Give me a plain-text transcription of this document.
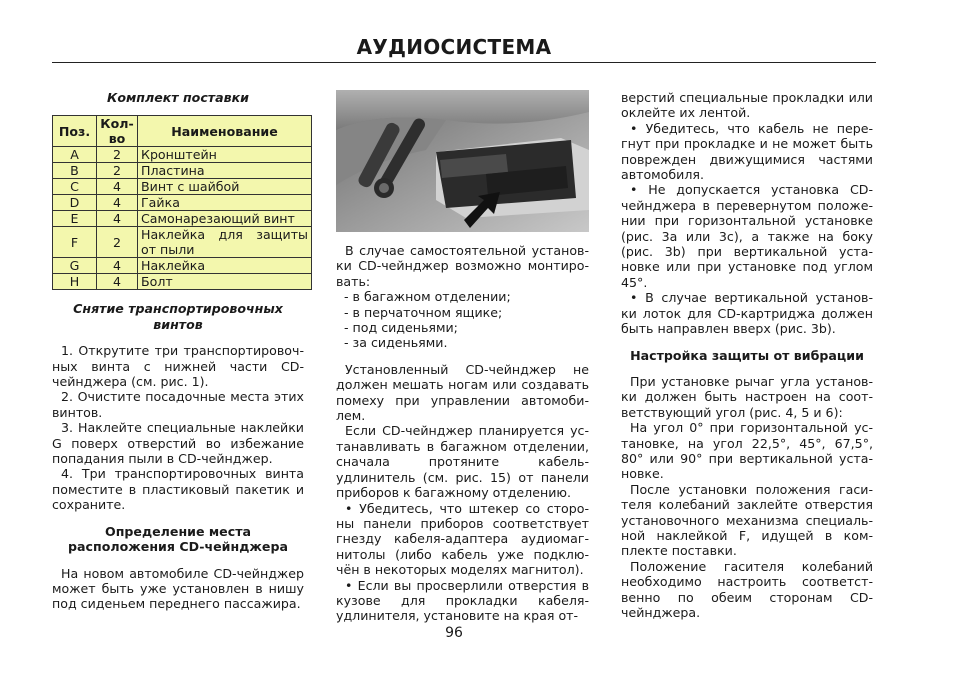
АУДИОСИСТЕМА
Комплект поставки
Поз.	Кол-во	Наименование
A	2	Кронштейн
B	2	Пластина
C	4	Винт с шайбой
D	4	Гайка
E	4	Самонарезающий винт
F	2	Наклейка для защиты от пыли
G	4	Наклейка
H	4	Болт
Снятие транспортировочных винтов

1. Открутите три транспортировоч-ных винта с нижней части CD-чейнджера (см. рис. 1).

2. Очистите посадочные места этих винтов.

3. Наклейте специальные наклейки G поверх отверстий во избежание попадания пыли в CD-чейнджер.

4. Три транспортировочных винта поместите в пластиковый пакетик и сохраните.

Определение места расположения CD-чейнджера

На новом автомобиле CD-чейнджер может быть уже установлен в нишу под сиденьем переднего пассажира.

В случае самостоятельной установ-ки CD-чейнджер возможно монтиро-вать:

- в багажном отделении;
- в перчаточном ящике;
- под сиденьями;
- за сиденьями.

Установленный CD-чейнджер не должен мешать ногам или создавать помеху при управлении автомоби-лем.

Если CD-чейнджер планируется ус-танавливать в багажном отделении, сначала протяните кабель-удлинитель (см. рис. 15) от панели приборов к багажному отделению.

• Убедитесь, что штекер со сторо-ны панели приборов соответствует гнезду кабеля-адаптера аудиомаг-нитолы (либо кабель уже подклю-чён в некоторых моделях магнитол).

• Если вы просверлили отверстия в кузове для прокладки кабеля-удлинителя, установите на края от-

верстий специальные прокладки или оклейте их лентой.

• Убедитесь, что кабель не пере-гнут при прокладке и не может быть поврежден движущимися частями автомобиля.

• Не допускается установка CD-чейнджера в перевернутом положе-нии при горизонтальной установке (рис. 3a или 3c), а также на боку (рис. 3b) при вертикальной уста-новке или при установке под углом 45°.

• В случае вертикальной установ-ки лоток для CD-картриджа должен быть направлен вверх (рис. 3b).

Настройка защиты от вибрации

При установке рычаг угла установ-ки должен быть настроен на соот-ветствующий угол (рис. 4, 5 и 6):

На угол 0° при горизонтальной ус-тановке, на угол 22,5°, 45°, 67,5°, 80° или 90° при вертикальной уста-новке.

После установки положения гаси-теля колебаний заклейте отверстия установочного механизма специаль-ной наклейкой F, идущей в ком-плекте поставки.

Положение гасителя колебаний необходимо настроить соответст-венно по обеим сторонам CD-чейнджера.

96
